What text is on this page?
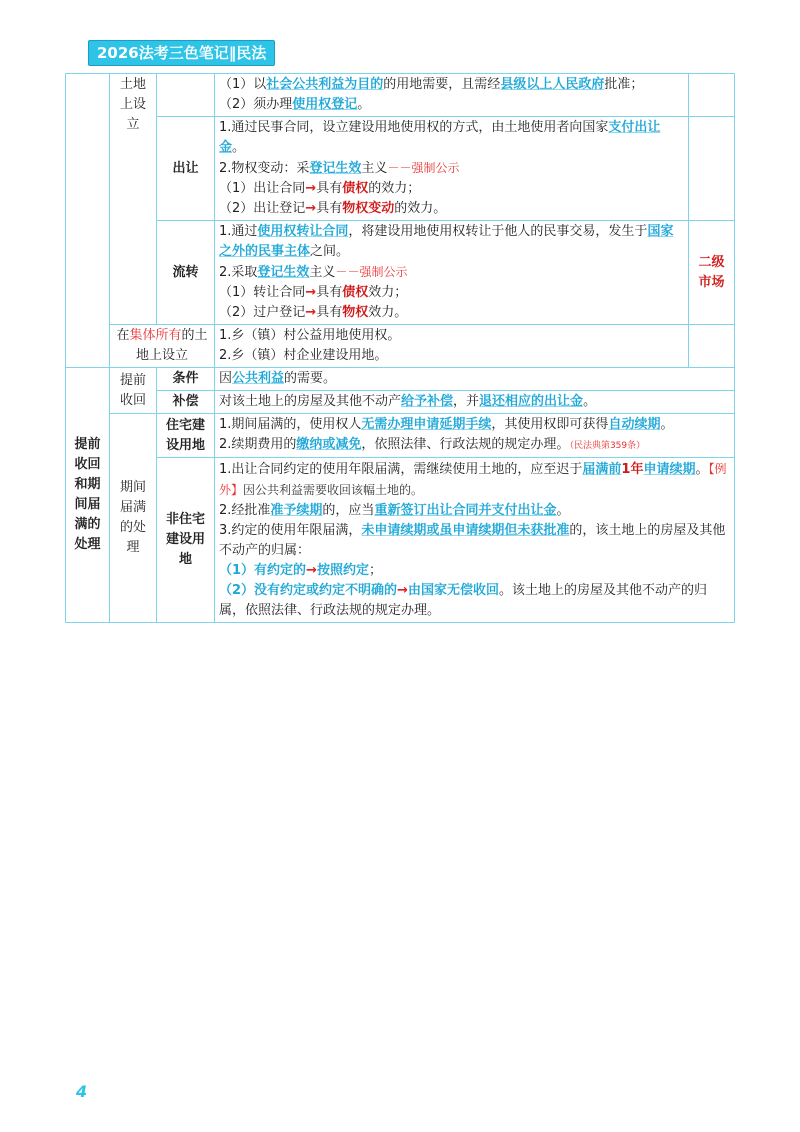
2026法考三色笔记‖民法
	土地上设立		（1）以社会公共利益为目的的用地需要，且需经县级以上人民政府批准；
（2）须办理使用权登记。	

		出让	1.通过民事合同，设立建设用地使用权的方式，由土地使用者向国家支付出让金。
2.物权变动：采登记生效主义－－强制公示
（1）出让合同→具有债权的效力；
（2）出让登记→具有物权变动的效力。	

		流转	1.通过使用权转让合同，将建设用地使用权转让于他人的民事交易，发生于国家之外的民事主体之间。
2.采取登记生效主义－－强制公示
（1）转让合同→具有债权效力；
（2）过户登记→具有物权效力。	二级市场
	在集体所有的土地上设立		1.乡（镇）村公益用地使用权。
2.乡（镇）村企业建设用地。	

提前收回和期间届满的处理	提前收回	条件	因公共利益的需要。	

		补偿	对该土地上的房屋及其他不动产给予补偿，并退还相应的出让金。	

	期间届满的处理	住宅建设用地	1.期间届满的，使用权人无需办理申请延期手续，其使用权即可获得自动续期。
2.续期费用的缴纳或减免，依照法律、行政法规的规定办理。（民法典第359条）	

		非住宅建设用地	1.出让合同约定的使用年限届满，需继续使用土地的，应至迟于届满前1年申请续期。【例外】因公共利益需要收回该幅土地的。
2.经批准准予续期的，应当重新签订出让合同并支付出让金。
3.约定的使用年限届满，未申请续期或虽申请续期但未获批准的，该土地上的房屋及其他不动产的归属：
（1）有约定的→按照约定；
（2）没有约定或约定不明确的→由国家无偿收回。该土地上的房屋及其他不动产的归属，依照法律、行政法规的规定办理。	
4
